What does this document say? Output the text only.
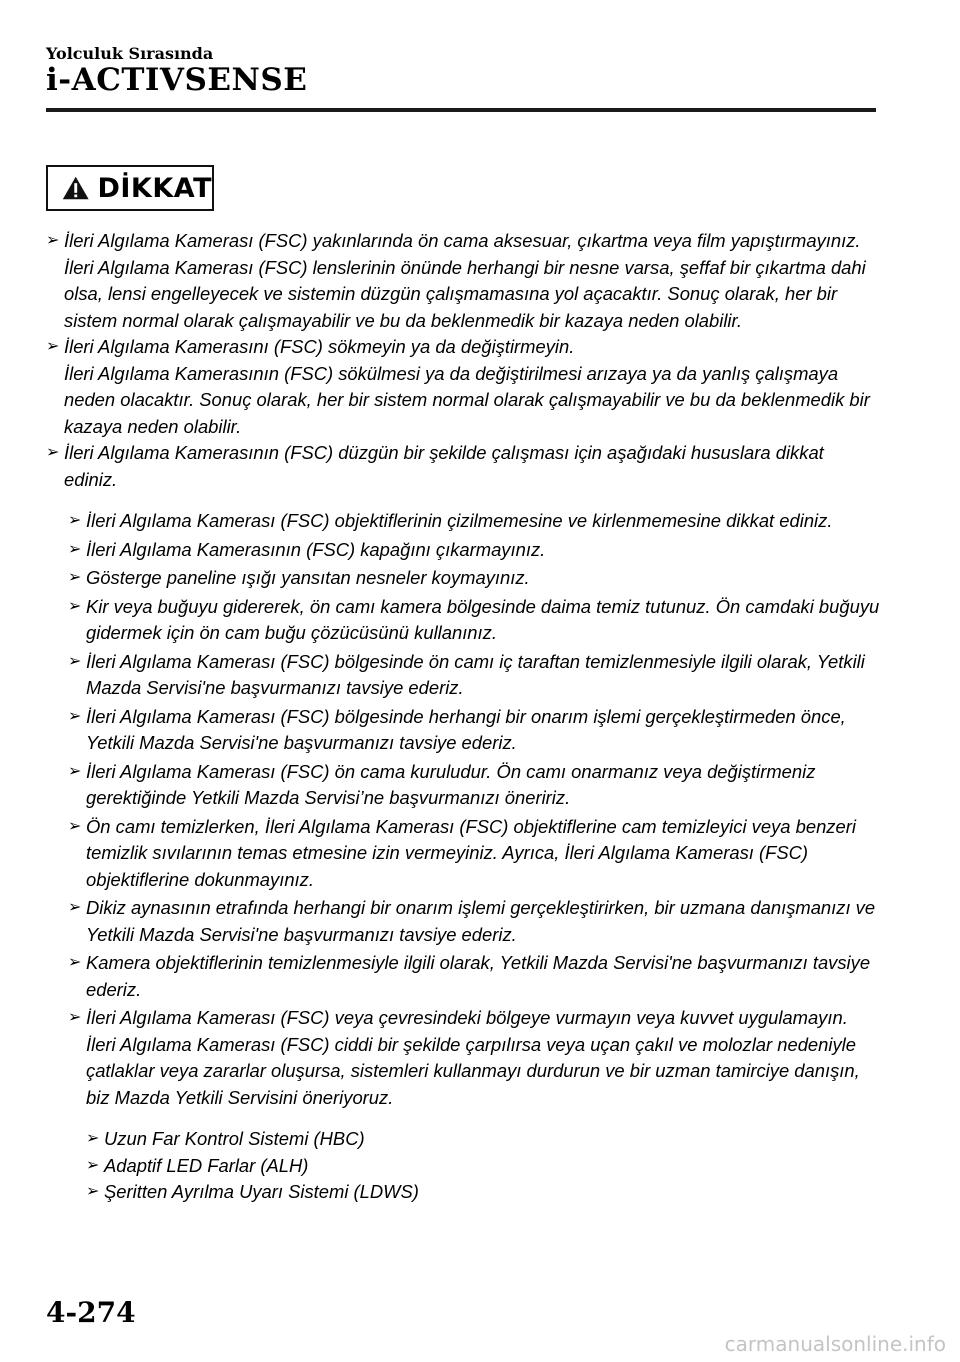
Yolculuk Sırasında
i-ACTIVSENSE
DİKKAT
➢ İleri Algılama Kamerası (FSC) yakınlarında ön cama aksesuar, çıkartma veya film yapıştırmayınız.

İleri Algılama Kamerası (FSC) lenslerinin önünde herhangi bir nesne varsa, şeffaf bir çıkartma dahi olsa, lensi engelleyecek ve sistemin düzgün çalışmamasına yol açacaktır. Sonuç olarak, her bir sistem normal olarak çalışmayabilir ve bu da beklenmedik bir kazaya neden olabilir.

➢ İleri Algılama Kamerasını (FSC) sökmeyin ya da değiştirmeyin.

İleri Algılama Kamerasının (FSC) sökülmesi ya da değiştirilmesi arızaya ya da yanlış çalışmaya neden olacaktır. Sonuç olarak, her bir sistem normal olarak çalışmayabilir ve bu da beklenmedik bir kazaya neden olabilir.

➢ İleri Algılama Kamerasının (FSC) düzgün bir şekilde çalışması için aşağıdaki hususlara dikkat ediniz.

➢ İleri Algılama Kamerası (FSC) objektiflerinin çizilmemesine ve kirlenmemesine dikkat ediniz.

➢ İleri Algılama Kamerasının (FSC) kapağını çıkarmayınız.

➢ Gösterge paneline ışığı yansıtan nesneler koymayınız.

➢ Kir veya buğuyu gidererek, ön camı kamera bölgesinde daima temiz tutunuz. Ön camdaki buğuyu gidermek için ön cam buğu çözücüsünü kullanınız.

➢ İleri Algılama Kamerası (FSC) bölgesinde ön camı iç taraftan temizlenmesiyle ilgili olarak, Yetkili Mazda Servisi'ne başvurmanızı tavsiye ederiz.

➢ İleri Algılama Kamerası (FSC) bölgesinde herhangi bir onarım işlemi gerçekleştirmeden önce, Yetkili Mazda Servisi'ne başvurmanızı tavsiye ederiz.

➢ İleri Algılama Kamerası (FSC) ön cama kuruludur. Ön camı onarmanız veya değiştirmeniz gerektiğinde Yetkili Mazda Servisi’ne başvurmanızı öneririz.

➢ Ön camı temizlerken, İleri Algılama Kamerası (FSC) objektiflerine cam temizleyici veya benzeri temizlik sıvılarının temas etmesine izin vermeyiniz. Ayrıca, İleri Algılama Kamerası (FSC) objektiflerine dokunmayınız.

➢ Dikiz aynasının etrafında herhangi bir onarım işlemi gerçekleştirirken, bir uzmana danışmanızı ve Yetkili Mazda Servisi'ne başvurmanızı tavsiye ederiz.

➢ Kamera objektiflerinin temizlenmesiyle ilgili olarak, Yetkili Mazda Servisi'ne başvurmanızı tavsiye ederiz.

➢ İleri Algılama Kamerası (FSC) veya çevresindeki bölgeye vurmayın veya kuvvet uygulamayın. İleri Algılama Kamerası (FSC) ciddi bir şekilde çarpılırsa veya uçan çakıl ve molozlar nedeniyle çatlaklar veya zararlar oluşursa, sistemleri kullanmayı durdurun ve bir uzman tamirciye danışın, biz Mazda Yetkili Servisini öneriyoruz.

➢ Uzun Far Kontrol Sistemi (HBC)

➢ Adaptif LED Farlar (ALH)

➢ Şeritten Ayrılma Uyarı Sistemi (LDWS)

4-274
carmanualsonline.info
